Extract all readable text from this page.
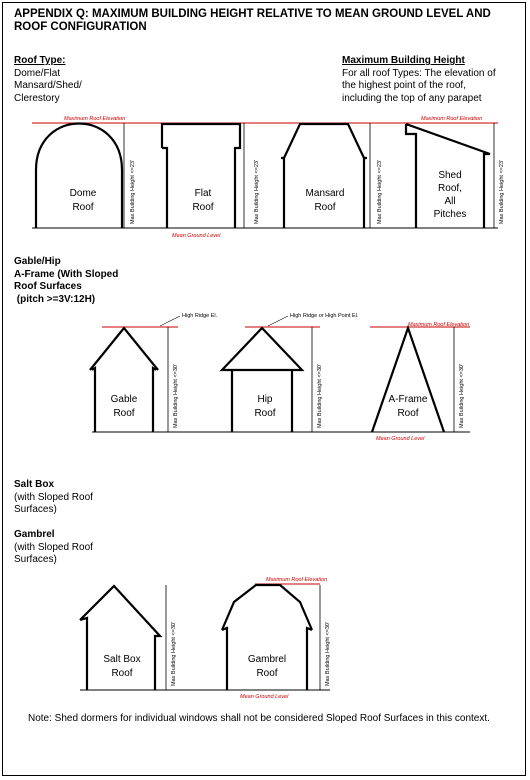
APPENDIX Q: MAXIMUM BUILDING HEIGHT RELATIVE TO MEAN GROUND LEVEL AND ROOF CONFIGURATION
Roof Type:
Dome/Flat
Mansard/Shed/
Clerestory
Maximum Building Height
For all roof Types: The elevation of
the highest point of the roof,
including the top of any parapet
Gable/Hip
A-Frame (With Sloped
Roof Surfaces
(pitch >=3V:12H)
Salt Box
(with Sloped Roof
Surfaces)
Gambrel
(with Sloped Roof
Surfaces)
Note: Shed dormers for individual windows shall not be considered Sloped Roof Surfaces in this context.
Maximum Roof Elevation	Maximum Roof Elevation
Mean Ground Level
Dome
Roof	Max Building Height <=23'	Flat
Roof	Max Building Height <=23'	Mansard
Roof	Max Building Height <=23'	Shed
Roof,
All
Pitches	Max Building Height <=23'
High Ridge El.	High Ridge or High Point El.
Maximum Roof Elevation
Mean Ground Level
Gable
Roof	Max Building Height <=30'	Hip
Roof	Max Building Height <=30'	A-Frame
Roof	Max Building Height <=30'
Maximum Roof Elevation
Mean Ground Level
Salt Box
Roof	Max Building Height <=30'	Gambrel
Roof	Max Building Height <=30'
